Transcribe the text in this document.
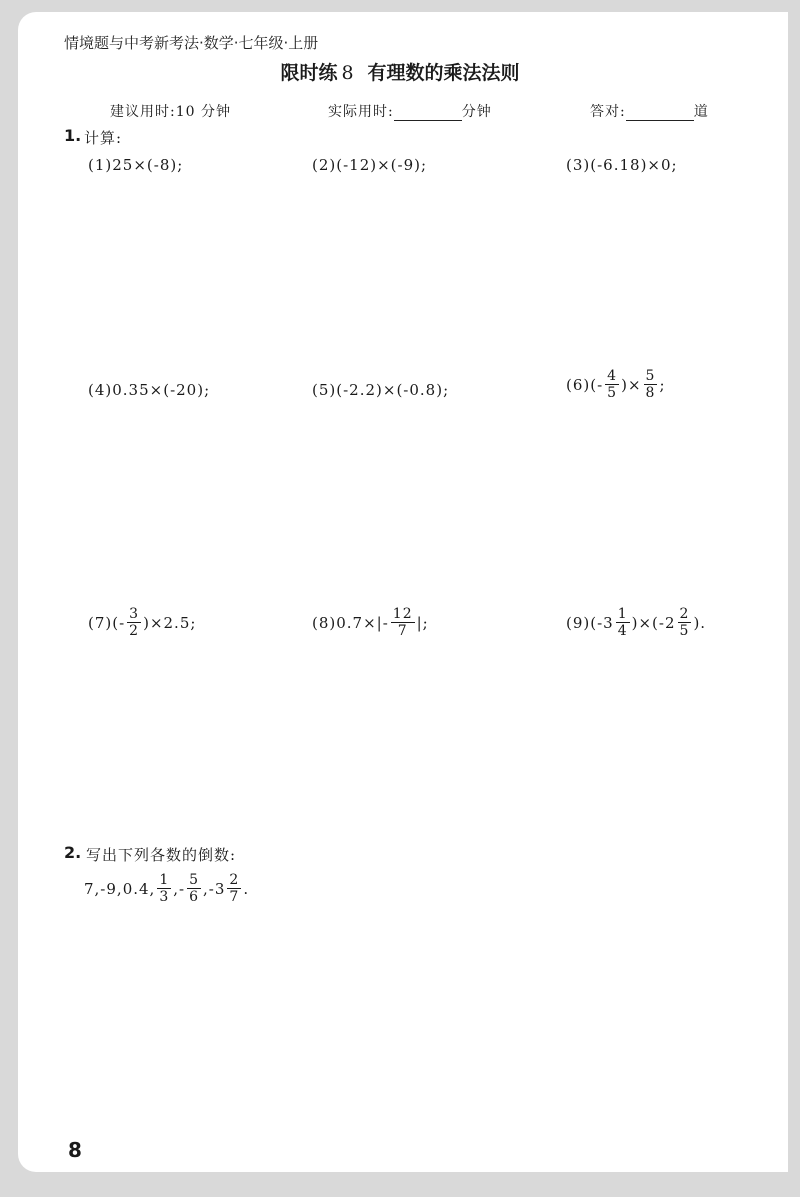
情境题与中考新考法·数学·七年级·上册
限时练 8 有理数的乘法法则
建议用时:10 分钟	实际用时:	分钟	答对:	道
1. 计算:
(1)25×(-8);	(2)(-12)×(-9);	(3)(-6.18)×0;
(4)0.35×(-20);	(5)(-2.2)×(-0.8);	$(6)(- \frac{4}{5}$ )× $\frac{5}{8}$ ;
$(7)(- \frac{3}{2} )\times 2.5$;	$(8)0.7\times|- \frac{12}{7}$ |;	$(9)(-3 \frac{1}{4} )\times(-2 \frac{2}{5}$ ).
2. 写出下列各数的倒数:
7,-9,0.4, $\frac{1}{3}$ ,- $\frac{5}{6} ,-3 \frac{2}{7}$ .
8
